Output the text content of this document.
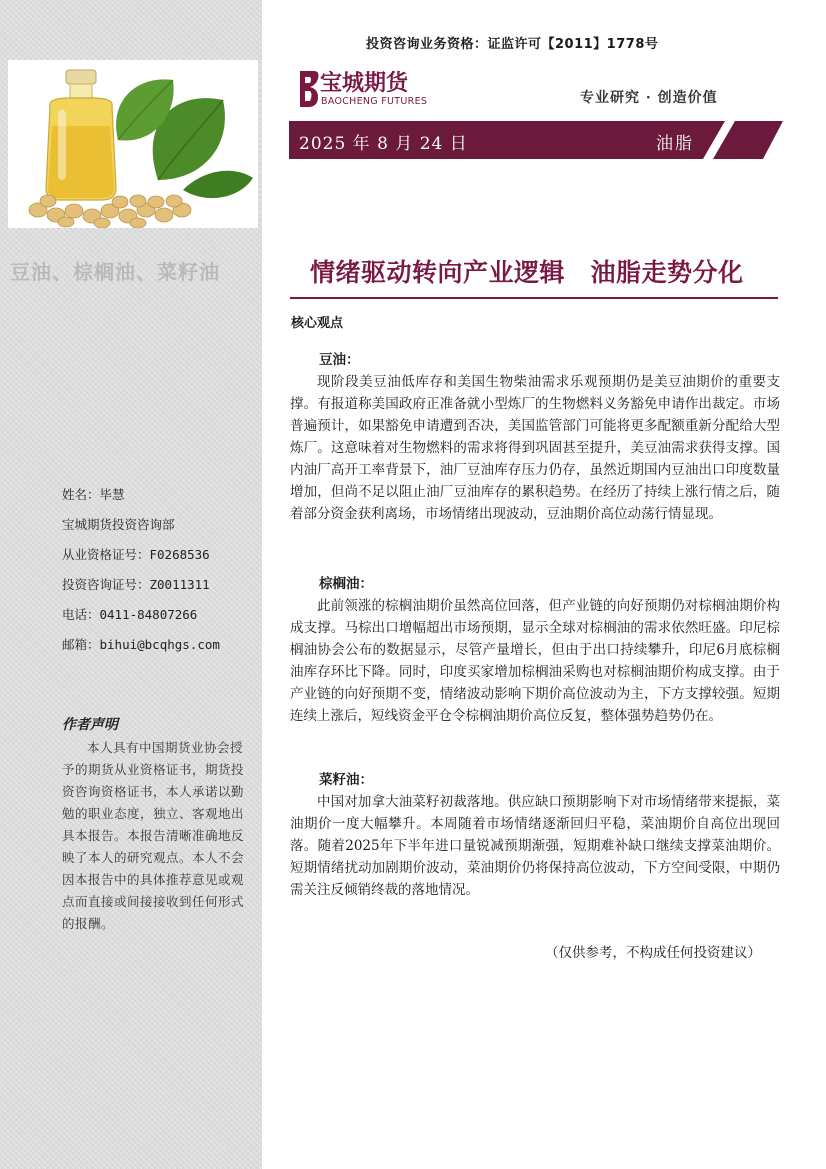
豆油、棕榈油、菜籽油
姓名：毕慧
宝城期货投资咨询部
从业资格证号：F0268536
投资咨询证号：Z0011311
电话：0411-84807266
邮箱：bihui@bcqhgs.com
作者声明
本人具有中国期货业协会授予的期货从业资格证书，期货投资咨询资格证书，本人承诺以勤勉的职业态度，独立、客观地出具本报告。本报告清晰准确地反映了本人的研究观点。本人不会因本报告中的具体推荐意见或观点而直接或间接接收到任何形式的报酬。
投资咨询业务资格：证监许可【2011】1778号
宝城期货
BAOCHENG FUTURES	专业研究 · 创造价值
2025 年 8 月 24 日	油脂
情绪驱动转向产业逻辑　油脂走势分化
核心观点
豆油：
现阶段美豆油低库存和美国生物柴油需求乐观预期仍是美豆油期价的重要支撑。有报道称美国政府正准备就小型炼厂的生物燃料义务豁免申请作出裁定。市场普遍预计，如果豁免申请遭到否决，美国监管部门可能将更多配额重新分配给大型炼厂。这意味着对生物燃料的需求将得到巩固甚至提升，美豆油需求获得支撑。国内油厂高开工率背景下，油厂豆油库存压力仍存，虽然近期国内豆油出口印度数量增加，但尚不足以阻止油厂豆油库存的累积趋势。在经历了持续上涨行情之后，随着部分资金获利离场，市场情绪出现波动，豆油期价高位动荡行情显现。
棕榈油：
此前领涨的棕榈油期价虽然高位回落，但产业链的向好预期仍对棕榈油期价构成支撑。马棕出口增幅超出市场预期，显示全球对棕榈油的需求依然旺盛。印尼棕榈油协会公布的数据显示，尽管产量增长，但由于出口持续攀升，印尼6月底棕榈油库存环比下降。同时，印度买家增加棕榈油采购也对棕榈油期价构成支撑。由于产业链的向好预期不变，情绪波动影响下期价高位波动为主，下方支撑较强。短期连续上涨后，短线资金平仓令棕榈油期价高位反复，整体强势趋势仍在。
菜籽油：
中国对加拿大油菜籽初裁落地。供应缺口预期影响下对市场情绪带来提振，菜油期价一度大幅攀升。本周随着市场情绪逐渐回归平稳，菜油期价自高位出现回落。随着2025年下半年进口量锐减预期渐强，短期难补缺口继续支撑菜油期价。短期情绪扰动加剧期价波动，菜油期价仍将保持高位波动，下方空间受限，中期仍需关注反倾销终裁的落地情况。
（仅供参考，不构成任何投资建议）
